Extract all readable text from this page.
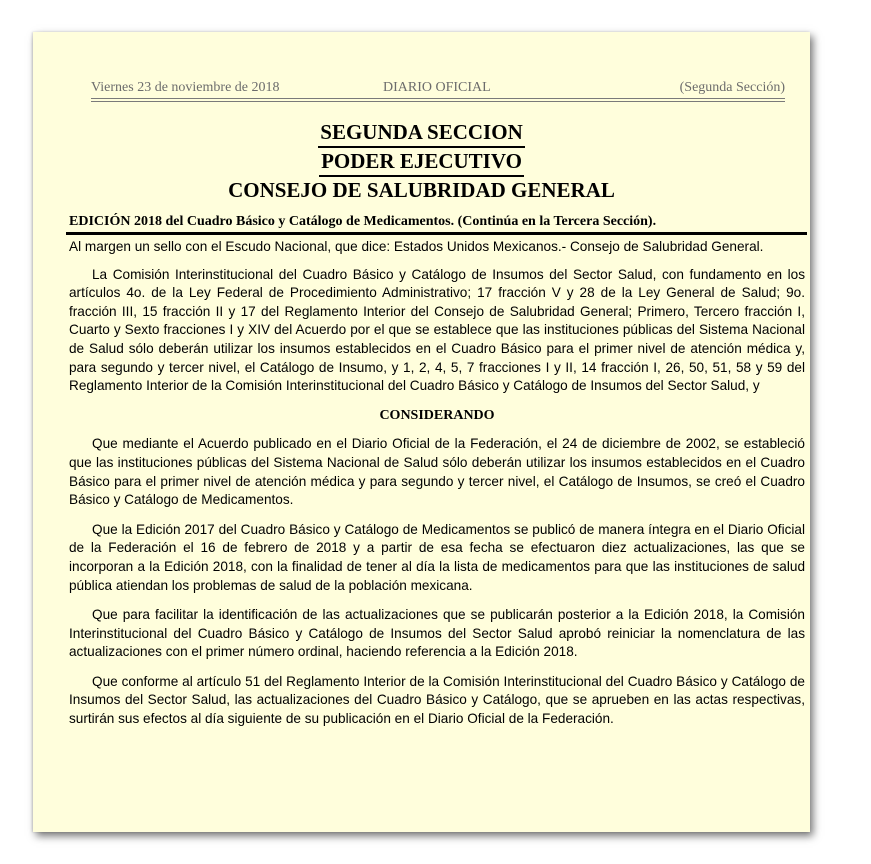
Viernes 23 de noviembre de 2018	DIARIO OFICIAL	(Segunda Sección)
SEGUNDA SECCION
PODER EJECUTIVO
CONSEJO DE SALUBRIDAD GENERAL
EDICIÓN 2018 del Cuadro Básico y Catálogo de Medicamentos. (Continúa en la Tercera Sección).

Al margen un sello con el Escudo Nacional, que dice: Estados Unidos Mexicanos.- Consejo de Salubridad General.

La Comisión Interinstitucional del Cuadro Básico y Catálogo de Insumos del Sector Salud, con fundamento en los artículos 4o. de la Ley Federal de Procedimiento Administrativo; 17 fracción V y 28 de la Ley General de Salud; 9o. fracción III, 15 fracción II y 17 del Reglamento Interior del Consejo de Salubridad General; Primero, Tercero fracción I, Cuarto y Sexto fracciones I y XIV del Acuerdo por el que se establece que las instituciones públicas del Sistema Nacional de Salud sólo deberán utilizar los insumos establecidos en el Cuadro Básico para el primer nivel de atención médica y, para segundo y tercer nivel, el Catálogo de Insumo, y 1, 2, 4, 5, 7 fracciones I y II, 14 fracción I, 26, 50, 51, 58 y 59 del Reglamento Interior de la Comisión Interinstitucional del Cuadro Básico y Catálogo de Insumos del Sector Salud, y

CONSIDERANDO

Que mediante el Acuerdo publicado en el Diario Oficial de la Federación, el 24 de diciembre de 2002, se estableció que las instituciones públicas del Sistema Nacional de Salud sólo deberán utilizar los insumos establecidos en el Cuadro Básico para el primer nivel de atención médica y para segundo y tercer nivel, el Catálogo de Insumos, se creó el Cuadro Básico y Catálogo de Medicamentos.

Que la Edición 2017 del Cuadro Básico y Catálogo de Medicamentos se publicó de manera íntegra en el Diario Oficial de la Federación el 16 de febrero de 2018 y a partir de esa fecha se efectuaron diez actualizaciones, las que se incorporan a la Edición 2018, con la finalidad de tener al día la lista de medicamentos para que las instituciones de salud pública atiendan los problemas de salud de la población mexicana.

Que para facilitar la identificación de las actualizaciones que se publicarán posterior a la Edición 2018, la Comisión Interinstitucional del Cuadro Básico y Catálogo de Insumos del Sector Salud aprobó reiniciar la nomenclatura de las actualizaciones con el primer número ordinal, haciendo referencia a la Edición 2018.

Que conforme al artículo 51 del Reglamento Interior de la Comisión Interinstitucional del Cuadro Básico y Catálogo de Insumos del Sector Salud, las actualizaciones del Cuadro Básico y Catálogo, que se aprueben en las actas respectivas, surtirán sus efectos al día siguiente de su publicación en el Diario Oficial de la Federación.
